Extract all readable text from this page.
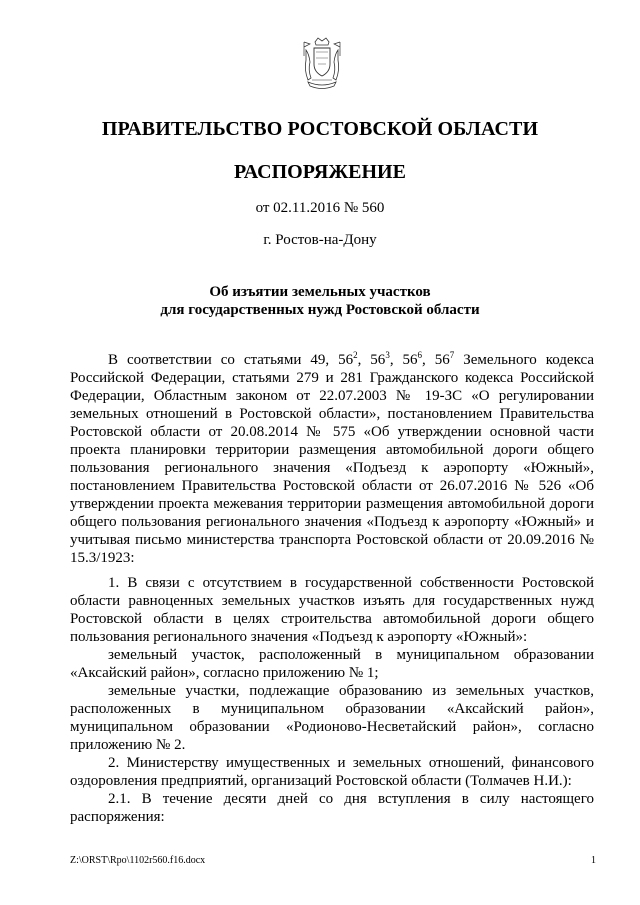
ПРАВИТЕЛЬСТВО РОСТОВСКОЙ ОБЛАСТИ
РАСПОРЯЖЕНИЕ
от 02.11.2016 № 560
г. Ростов-на-Дону
Об изъятии земельных участков
для государственных нужд Ростовской области

В соответствии со статьями 49, $56^2$, $56^3$, $56^6$, $56^7$ Земельного кодекса Российской Федерации, статьями 279 и 281 Гражданского кодекса Российской Федерации, Областным законом от 22.07.2003 № 19-ЗС «О регулировании земельных отношений в Ростовской области», постановлением Правительства Ростовской области от 20.08.2014 № 575 «Об утверждении основной части проекта планировки территории размещения автомобильной дороги общего пользования регионального значения «Подъезд к аэропорту «Южный», постановлением Правительства Ростовской области от 26.07.2016 № 526 «Об утверждении проекта межевания территории размещения автомобильной дороги общего пользования регионального значения «Подъезд к аэропорту «Южный» и учитывая письмо министерства транспорта Ростовской области от 20.09.2016 № 15.3/1923:

1. В связи с отсутствием в государственной собственности Ростовской области равноценных земельных участков изъять для государственных нужд Ростовской области в целях строительства автомобильной дороги общего пользования регионального значения «Подъезд к аэропорту «Южный»:

земельный участок, расположенный в муниципальном образовании «Аксайский район», согласно приложению № 1;

земельные участки, подлежащие образованию из земельных участков, расположенных в муниципальном образовании «Аксайский район», муниципальном образовании «Родионово-Несветайский район», согласно приложению № 2.

2. Министерству имущественных и земельных отношений, финансового оздоровления предприятий, организаций Ростовской области (Толмачев Н.И.):

2.1. В течение десяти дней со дня вступления в силу настоящего распоряжения:

Z:\ORST\Rpo\1102r560.f16.docx	1
